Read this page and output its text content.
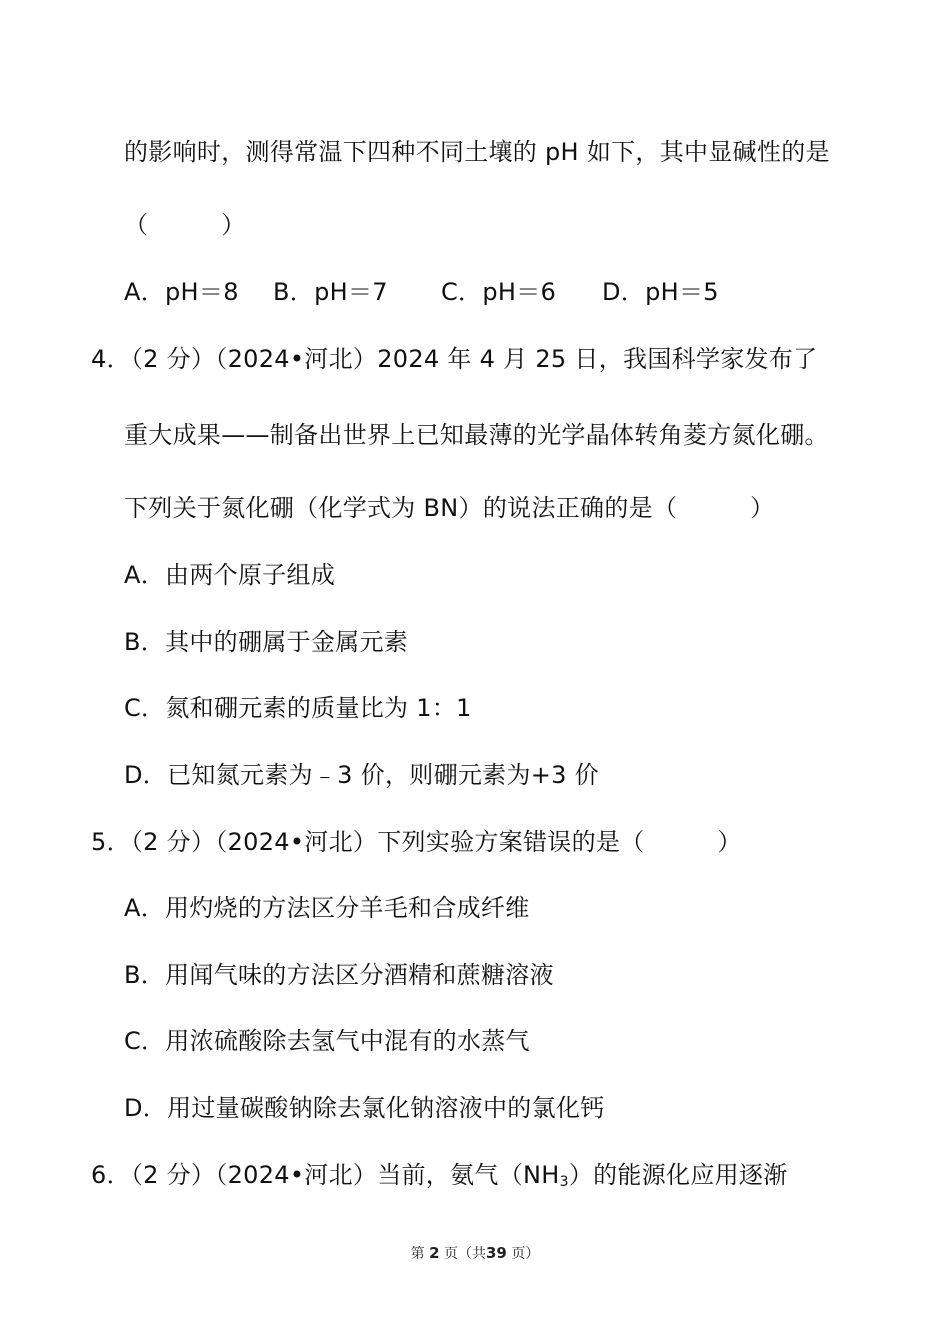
的影响时，测得常温下四种不同土壤的 pH 如下，其中显碱性的是
（　　　）
A．pH＝8 B．pH＝7 C．pH＝6 D．pH＝5
4．（2 分）（2024•河北）2024 年 4 月 25 日，我国科学家发布了
重大成果——制备出世界上已知最薄的光学晶体转角菱方氮化硼。
下列关于氮化硼（化学式为 BN）的说法正确的是（　　　）
A．由两个原子组成
B．其中的硼属于金属元素
C．氮和硼元素的质量比为 1：1
D．已知氮元素为﹣3 价，则硼元素为+3 价
5．（2 分）（2024•河北）下列实验方案错误的是（　　　）
A．用灼烧的方法区分羊毛和合成纤维
B．用闻气味的方法区分酒精和蔗糖溶液
C．用浓硫酸除去氢气中混有的水蒸气
D．用过量碳酸钠除去氯化钠溶液中的氯化钙
6．（2 分）（2024•河北）当前，氨气$(NH_3)$的能源化应用逐渐
第 2 页（共39 页）
